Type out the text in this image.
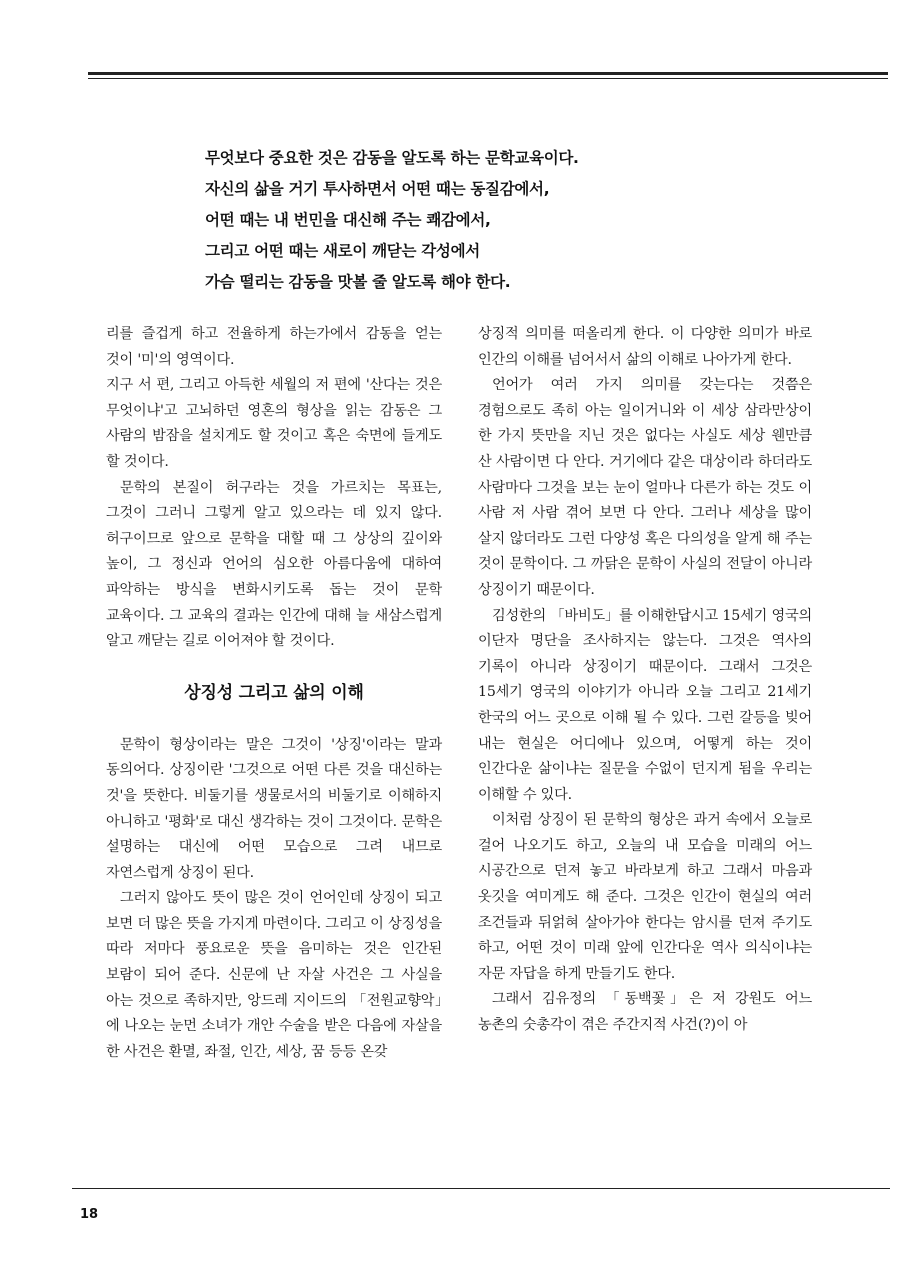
무엇보다 중요한 것은 감동을 알도록 하는 문학교육이다.
자신의 삶을 거기 투사하면서 어떤 때는 동질감에서,
어떤 때는 내 번민을 대신해 주는 쾌감에서,
그리고 어떤 때는 새로이 깨닫는 각성에서
가슴 떨리는 감동을 맛볼 줄 알도록 해야 한다.

리를 즐겁게 하고 전율하게 하는가에서 감동을 얻는 것이 '미'의 영역이다.

지구 서 편, 그리고 아득한 세월의 저 편에 '산다는 것은 무엇이냐'고 고뇌하던 영혼의 형상을 읽는 감동은 그 사람의 밤잠을 설치게도 할 것이고 혹은 숙면에 들게도 할 것이다.

문학의 본질이 허구라는 것을 가르치는 목표는, 그것이 그러니 그렇게 알고 있으라는 데 있지 않다. 허구이므로 앞으로 문학을 대할 때 그 상상의 깊이와 높이, 그 정신과 언어의 심오한 아름다움에 대하여 파악하는 방식을 변화시키도록 돕는 것이 문학 교육이다. 그 교육의 결과는 인간에 대해 늘 새삼스럽게 알고 깨닫는 길로 이어져야 할 것이다.

상징성 그리고 삶의 이해

문학이 형상이라는 말은 그것이 '상징'이라는 말과 동의어다. 상징이란 '그것으로 어떤 다른 것을 대신하는 것'을 뜻한다. 비둘기를 생물로서의 비둘기로 이해하지 아니하고 '평화'로 대신 생각하는 것이 그것이다. 문학은 설명하는 대신에 어떤 모습으로 그려 내므로 자연스럽게 상징이 된다.

그러지 않아도 뜻이 많은 것이 언어인데 상징이 되고 보면 더 많은 뜻을 가지게 마련이다. 그리고 이 상징성을 따라 저마다 풍요로운 뜻을 음미하는 것은 인간된 보람이 되어 준다. 신문에 난 자살 사건은 그 사실을 아는 것으로 족하지만, 앙드레 지이드의 「전원교향악」에 나오는 눈먼 소녀가 개안 수술을 받은 다음에 자살을 한 사건은 환멸, 좌절, 인간, 세상, 꿈 등등 온갖

상징적 의미를 떠올리게 한다. 이 다양한 의미가 바로 인간의 이해를 넘어서서 삶의 이해로 나아가게 한다.

언어가 여러 가지 의미를 갖는다는 것쯤은 경험으로도 족히 아는 일이거니와 이 세상 삼라만상이 한 가지 뜻만을 지닌 것은 없다는 사실도 세상 웬만큼 산 사람이면 다 안다. 거기에다 같은 대상이라 하더라도 사람마다 그것을 보는 눈이 얼마나 다른가 하는 것도 이 사람 저 사람 겪어 보면 다 안다. 그러나 세상을 많이 살지 않더라도 그런 다양성 혹은 다의성을 알게 해 주는 것이 문학이다. 그 까닭은 문학이 사실의 전달이 아니라 상징이기 때문이다.

김성한의 「바비도」를 이해한답시고 15세기 영국의 이단자 명단을 조사하지는 않는다. 그것은 역사의 기록이 아니라 상징이기 때문이다. 그래서 그것은 15세기 영국의 이야기가 아니라 오늘 그리고 21세기 한국의 어느 곳으로 이해 될 수 있다. 그런 갈등을 빚어 내는 현실은 어디에나 있으며, 어떻게 하는 것이 인간다운 삶이냐는 질문을 수없이 던지게 됨을 우리는 이해할 수 있다.

이처럼 상징이 된 문학의 형상은 과거 속에서 오늘로 걸어 나오기도 하고, 오늘의 내 모습을 미래의 어느 시공간으로 던져 놓고 바라보게 하고 그래서 마음과 옷깃을 여미게도 해 준다. 그것은 인간이 현실의 여러 조건들과 뒤얽혀 살아가야 한다는 암시를 던져 주기도 하고, 어떤 것이 미래 앞에 인간다운 역사 의식이냐는 자문 자답을 하게 만들기도 한다.

그래서 김유정의 「동백꽃」은 저 강원도 어느 농촌의 숫총각이 겪은 주간지적 사건(?)이 아

18
